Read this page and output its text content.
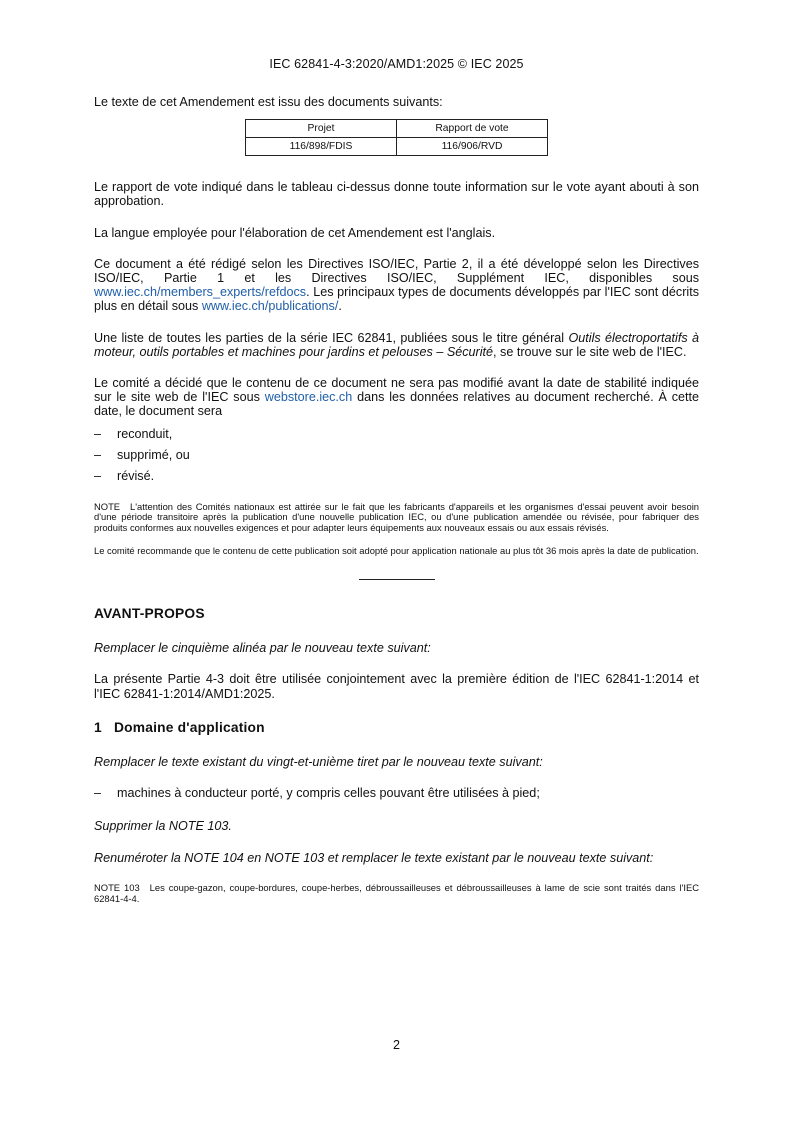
IEC 62841-4-3:2020/AMD1:2025 © IEC 2025

Le texte de cet Amendement est issu des documents suivants:

Projet	Rapport de vote
116/898/FDIS	116/906/RVD

Le rapport de vote indiqué dans le tableau ci-dessus donne toute information sur le vote ayant abouti à son approbation.

La langue employée pour l'élaboration de cet Amendement est l'anglais.

Ce document a été rédigé selon les Directives ISO/IEC, Partie 2, il a été développé selon les Directives ISO/IEC, Partie 1 et les Directives ISO/IEC, Supplément IEC, disponibles sous www.iec.ch/members_experts/refdocs. Les principaux types de documents développés par l'IEC sont décrits plus en détail sous www.iec.ch/publications/.

Une liste de toutes les parties de la série IEC 62841, publiées sous le titre général Outils électroportatifs à moteur, outils portables et machines pour jardins et pelouses – Sécurité, se trouve sur le site web de l'IEC.

Le comité a décidé que le contenu de ce document ne sera pas modifié avant la date de stabilité indiquée sur le site web de l'IEC sous webstore.iec.ch dans les données relatives au document recherché. À cette date, le document sera

– reconduit,
– supprimé, ou
– révisé.

NOTE L'attention des Comités nationaux est attirée sur le fait que les fabricants d'appareils et les organismes d'essai peuvent avoir besoin d'une période transitoire après la publication d'une nouvelle publication IEC, ou d'une publication amendée ou révisée, pour fabriquer des produits conformes aux nouvelles exigences et pour adapter leurs équipements aux nouveaux essais ou aux essais révisés.

Le comité recommande que le contenu de cette publication soit adopté pour application nationale au plus tôt 36 mois après la date de publication.

AVANT-PROPOS

Remplacer le cinquième alinéa par le nouveau texte suivant:

La présente Partie 4-3 doit être utilisée conjointement avec la première édition de l'IEC 62841-1:2014 et l'IEC 62841-1:2014/AMD1:2025.

1   Domaine d'application

Remplacer le texte existant du vingt-et-unième tiret par le nouveau texte suivant:

– machines à conducteur porté, y compris celles pouvant être utilisées à pied;

Supprimer la NOTE 103.

Renuméroter la NOTE 104 en NOTE 103 et remplacer le texte existant par le nouveau texte suivant:

NOTE 103 Les coupe-gazon, coupe-bordures, coupe-herbes, débroussailleuses et débroussailleuses à lame de scie sont traités dans l'IEC 62841-4-4.

2
